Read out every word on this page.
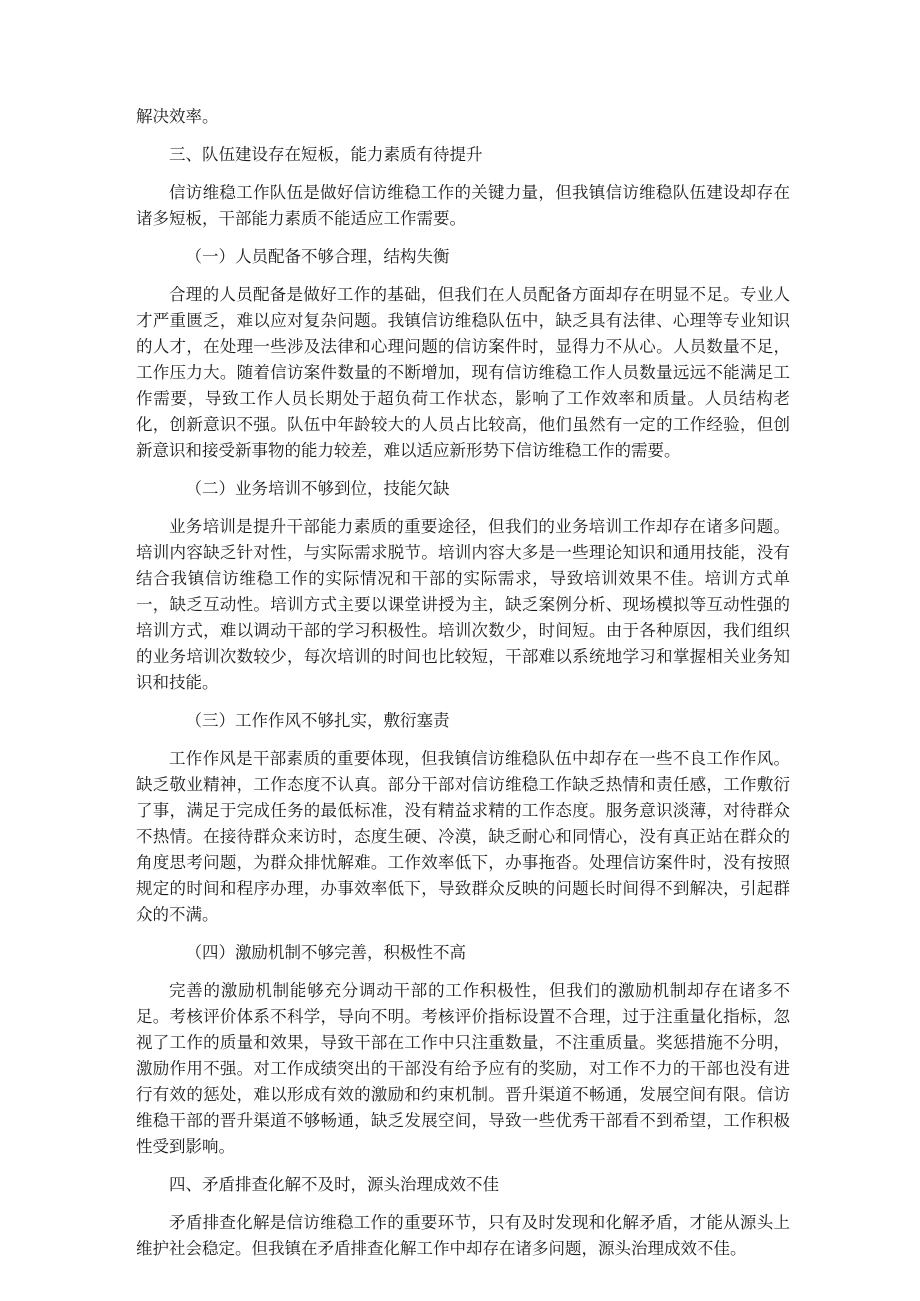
解决效率。

三、队伍建设存在短板，能力素质有待提升

信访维稳工作队伍是做好信访维稳工作的关键力量，但我镇信访维稳队伍建设却存在诸多短板，干部能力素质不能适应工作需要。

（一）人员配备不够合理，结构失衡

合理的人员配备是做好工作的基础，但我们在人员配备方面却存在明显不足。专业人才严重匮乏，难以应对复杂问题。我镇信访维稳队伍中，缺乏具有法律、心理等专业知识的人才，在处理一些涉及法律和心理问题的信访案件时，显得力不从心。人员数量不足，工作压力大。随着信访案件数量的不断增加，现有信访维稳工作人员数量远远不能满足工作需要，导致工作人员长期处于超负荷工作状态，影响了工作效率和质量。人员结构老化，创新意识不强。队伍中年龄较大的人员占比较高，他们虽然有一定的工作经验，但创新意识和接受新事物的能力较差，难以适应新形势下信访维稳工作的需要。

（二）业务培训不够到位，技能欠缺

业务培训是提升干部能力素质的重要途径，但我们的业务培训工作却存在诸多问题。培训内容缺乏针对性，与实际需求脱节。培训内容大多是一些理论知识和通用技能，没有结合我镇信访维稳工作的实际情况和干部的实际需求，导致培训效果不佳。培训方式单一，缺乏互动性。培训方式主要以课堂讲授为主，缺乏案例分析、现场模拟等互动性强的培训方式，难以调动干部的学习积极性。培训次数少，时间短。由于各种原因，我们组织的业务培训次数较少，每次培训的时间也比较短，干部难以系统地学习和掌握相关业务知识和技能。

（三）工作作风不够扎实，敷衍塞责

工作作风是干部素质的重要体现，但我镇信访维稳队伍中却存在一些不良工作作风。缺乏敬业精神，工作态度不认真。部分干部对信访维稳工作缺乏热情和责任感，工作敷衍了事，满足于完成任务的最低标准，没有精益求精的工作态度。服务意识淡薄，对待群众不热情。在接待群众来访时，态度生硬、冷漠，缺乏耐心和同情心，没有真正站在群众的角度思考问题，为群众排忧解难。工作效率低下，办事拖沓。处理信访案件时，没有按照规定的时间和程序办理，办事效率低下，导致群众反映的问题长时间得不到解决，引起群众的不满。

（四）激励机制不够完善，积极性不高

完善的激励机制能够充分调动干部的工作积极性，但我们的激励机制却存在诸多不足。考核评价体系不科学，导向不明。考核评价指标设置不合理，过于注重量化指标，忽视了工作的质量和效果，导致干部在工作中只注重数量，不注重质量。奖惩措施不分明，激励作用不强。对工作成绩突出的干部没有给予应有的奖励，对工作不力的干部也没有进行有效的惩处，难以形成有效的激励和约束机制。晋升渠道不畅通，发展空间有限。信访维稳干部的晋升渠道不够畅通，缺乏发展空间，导致一些优秀干部看不到希望，工作积极性受到影响。

四、矛盾排查化解不及时，源头治理成效不佳

矛盾排查化解是信访维稳工作的重要环节，只有及时发现和化解矛盾，才能从源头上维护社会稳定。但我镇在矛盾排查化解工作中却存在诸多问题，源头治理成效不佳。
